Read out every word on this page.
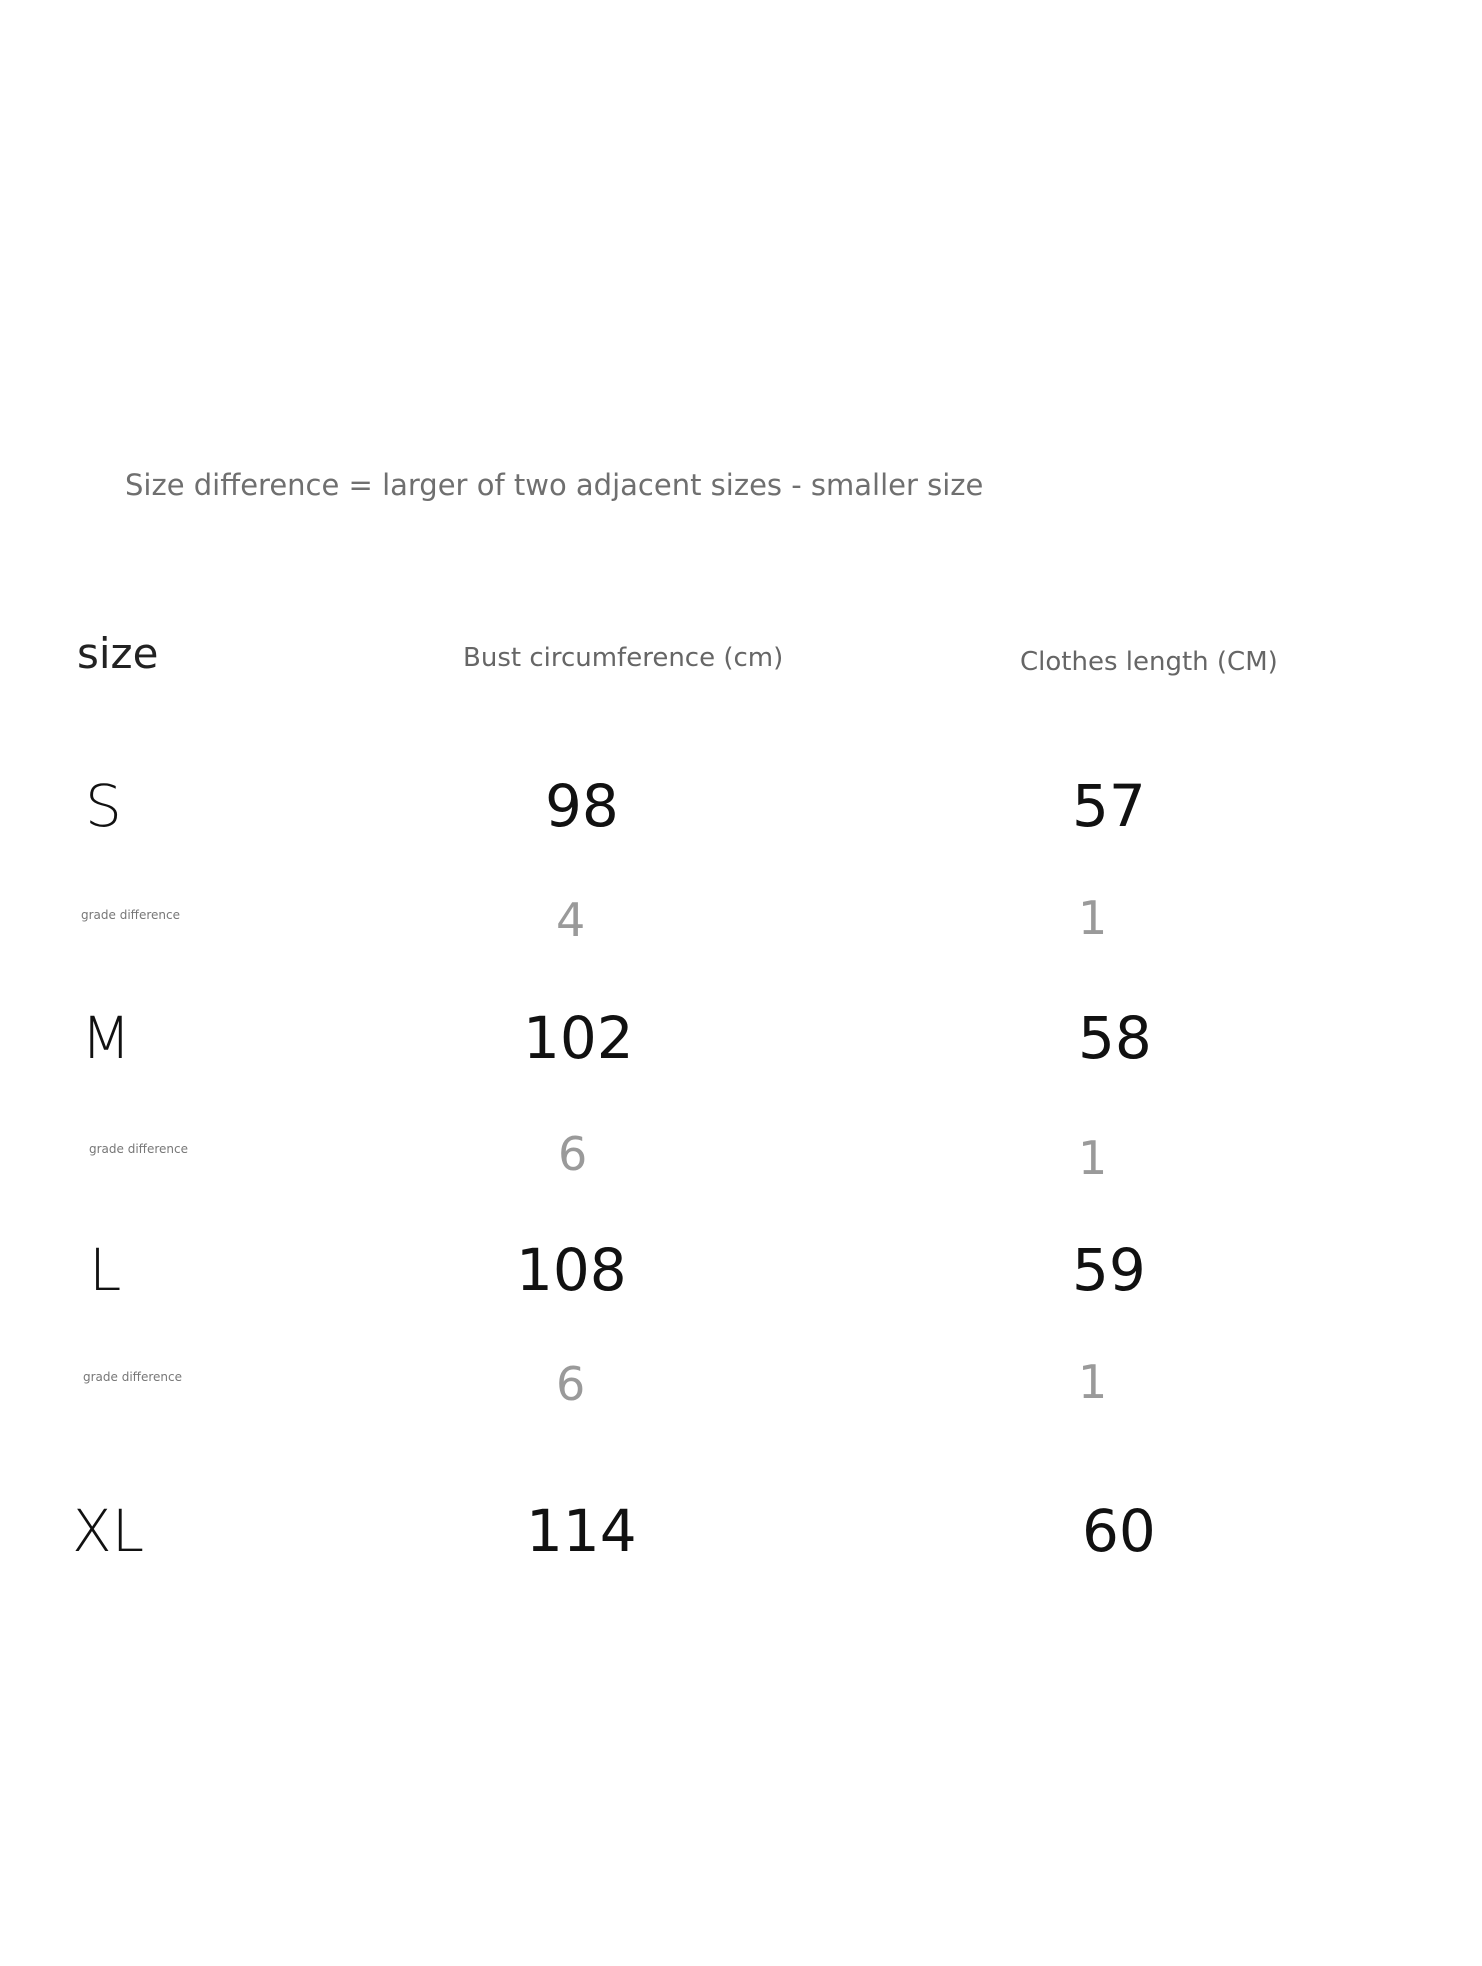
Size difference = larger of two adjacent sizes - smaller size
size	Bust circumference (cm)	Clothes length (CM)
S	98	57
grade difference	4	1
M	102	58
grade difference	6	1
L	108	59
grade difference	6	1
XL	114	60
